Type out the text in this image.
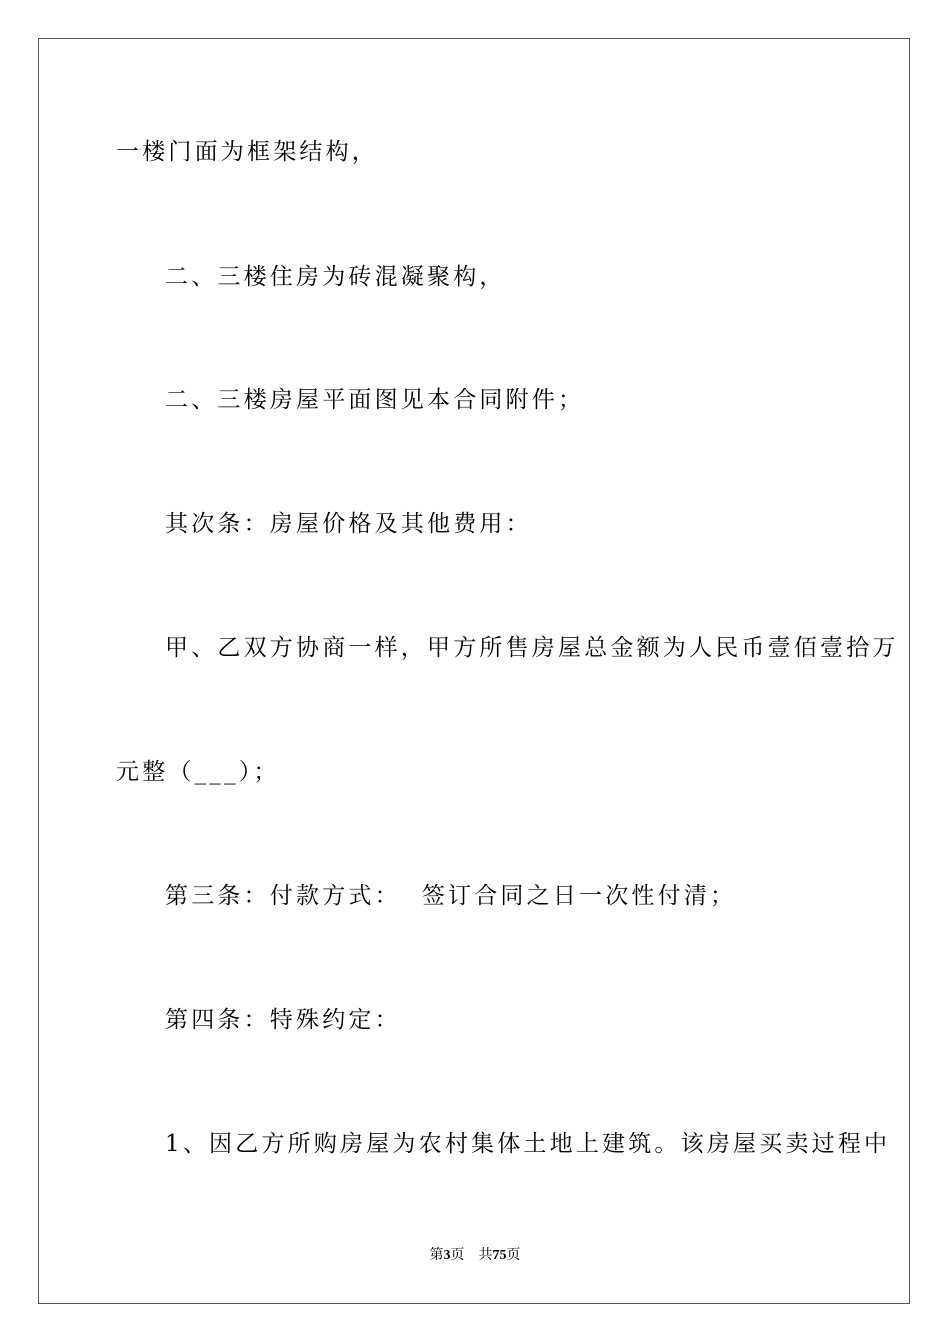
一楼门面为框架结构，
二、三楼住房为砖混凝聚构，
二、三楼房屋平面图见本合同附件；
其次条：房屋价格及其他费用：
甲、乙双方协商一样，甲方所售房屋总金额为人民币壹佰壹拾万
元整（___）；
第三条：付款方式：  签订合同之日一次性付清；
第四条：特殊约定：
1、因乙方所购房屋为农村集体土地上建筑。该房屋买卖过程中
第3页 共75页
